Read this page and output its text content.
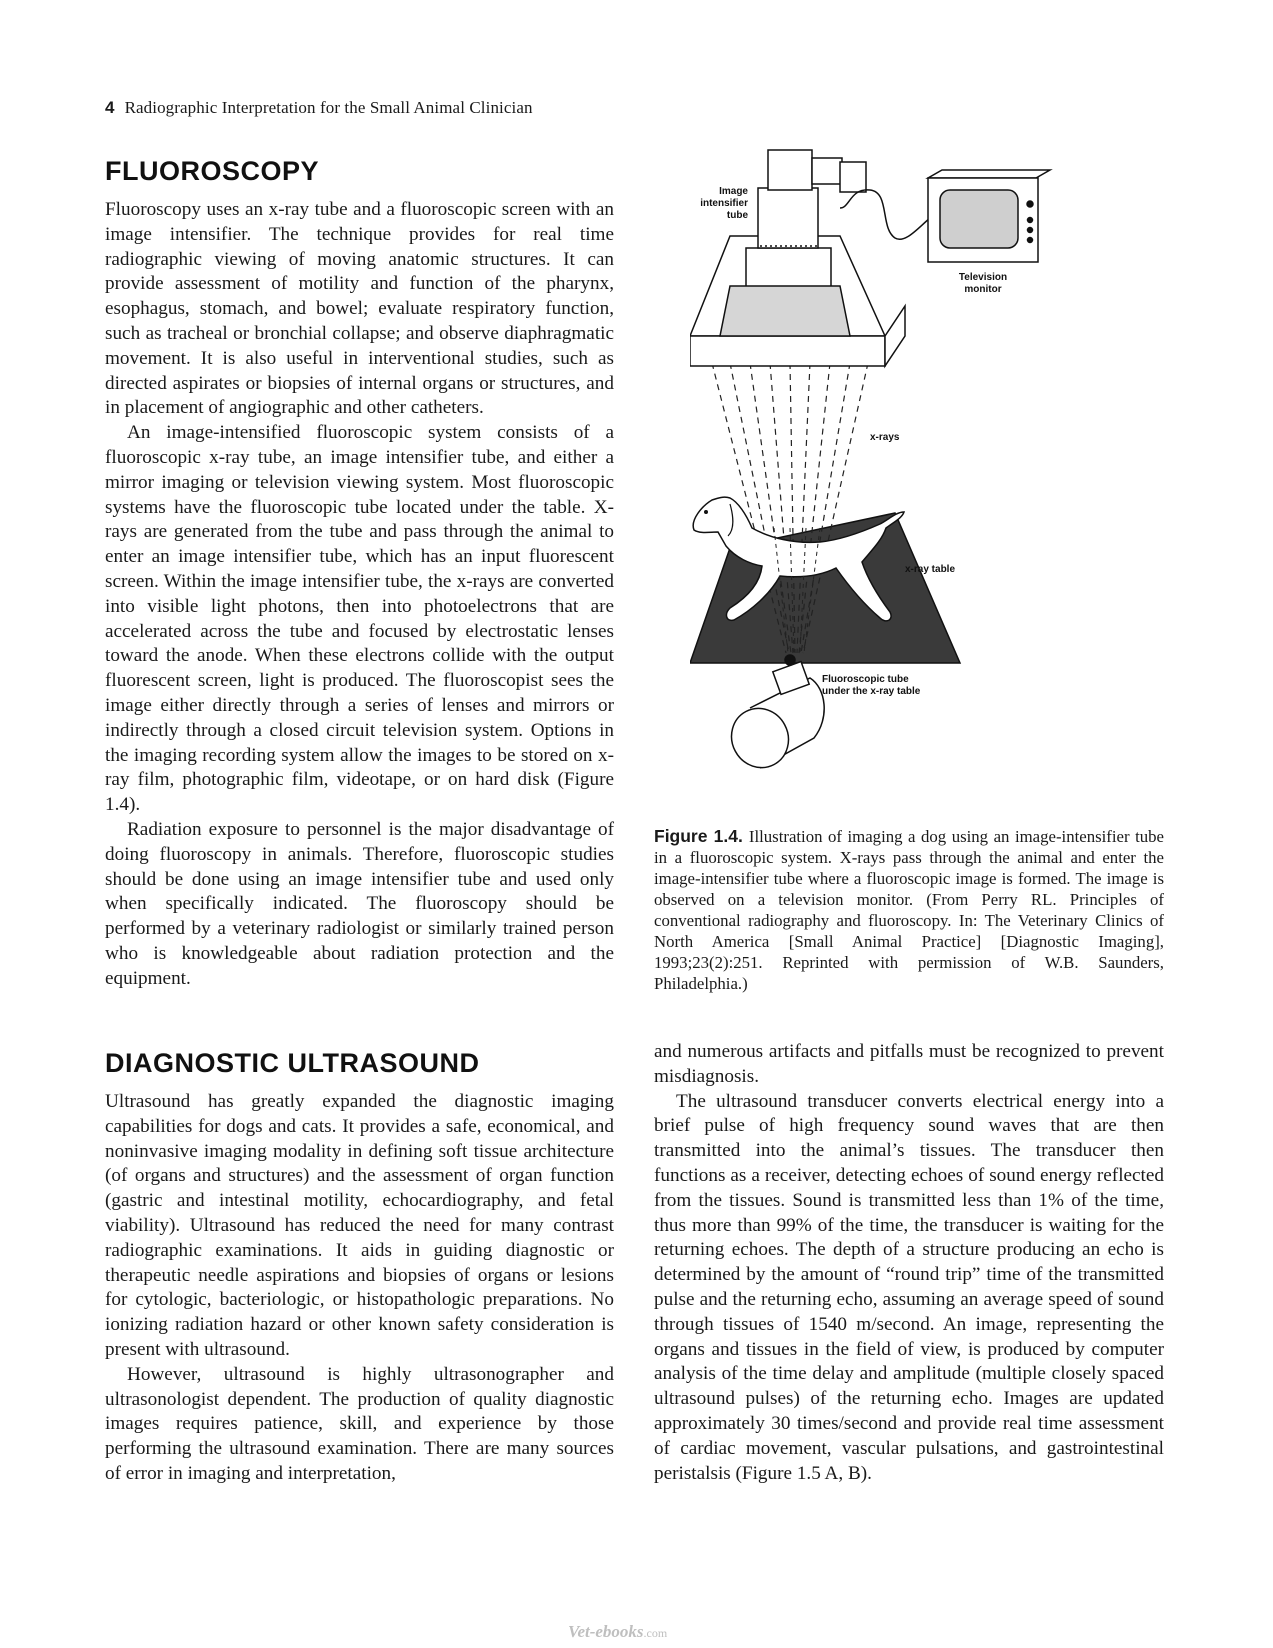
4 Radiographic Interpretation for the Small Animal Clinician
FLUOROSCOPY

Fluoroscopy uses an x-ray tube and a fluoroscopic screen with an image intensifier. The technique provides for real time radiographic viewing of moving anatomic structures. It can provide assessment of motility and function of the pharynx, esophagus, stomach, and bowel; evaluate respiratory function, such as tracheal or bronchial collapse; and observe diaphragmatic movement. It is also useful in interventional studies, such as directed aspirates or biopsies of internal organs or structures, and in placement of angiographic and other catheters.

An image-intensified fluoroscopic system consists of a fluoroscopic x-ray tube, an image intensifier tube, and either a mirror imaging or television viewing system. Most fluoroscopic systems have the fluoroscopic tube located under the table. X-rays are generated from the tube and pass through the animal to enter an image intensifier tube, which has an input fluorescent screen. Within the image intensifier tube, the x-rays are converted into visible light photons, then into photoelectrons that are accelerated across the tube and focused by electrostatic lenses toward the anode. When these electrons collide with the output fluorescent screen, light is produced. The fluoroscopist sees the image either directly through a series of lenses and mirrors or indirectly through a closed circuit television system. Options in the imaging recording system allow the images to be stored on x-ray film, photographic film, videotape, or on hard disk (Figure 1.4).

Radiation exposure to personnel is the major disadvantage of doing fluoroscopy in animals. Therefore, fluoroscopic studies should be done using an image intensifier tube and used only when specifically indicated. The fluoroscopy should be performed by a veterinary radiologist or similarly trained person who is knowledgeable about radiation protection and the equipment.

Image
intensifier
tube
Television
monitor
x-rays
x-ray table
Fluoroscopic tube
under the x-ray table
Figure 1.4. Illustration of imaging a dog using an image-intensifier tube in a fluoroscopic system. X-rays pass through the animal and enter the image-intensifier tube where a fluoroscopic image is formed. The image is observed on a television monitor. (From Perry RL. Principles of conventional radiography and fluoroscopy. In: The Veterinary Clinics of North America [Small Animal Practice] [Diagnostic Imaging], 1993;23(2):251. Reprinted with permission of W.B. Saunders, Philadelphia.)
DIAGNOSTIC ULTRASOUND

Ultrasound has greatly expanded the diagnostic imaging capabilities for dogs and cats. It provides a safe, economical, and noninvasive imaging modality in defining soft tissue architecture (of organs and structures) and the assessment of organ function (gastric and intestinal motility, echocardiography, and fetal viability). Ultrasound has reduced the need for many contrast radiographic examinations. It aids in guiding diagnostic or therapeutic needle aspirations and biopsies of organs or lesions for cytologic, bacteriologic, or histopathologic preparations. No ionizing radiation hazard or other known safety consideration is present with ultrasound.

However, ultrasound is highly ultrasonographer and ultrasonologist dependent. The production of quality diagnostic images requires patience, skill, and experience by those performing the ultrasound examination. There are many sources of error in imaging and interpretation,

and numerous artifacts and pitfalls must be recognized to prevent misdiagnosis.

The ultrasound transducer converts electrical energy into a brief pulse of high frequency sound waves that are then transmitted into the animal’s tissues. The transducer then functions as a receiver, detecting echoes of sound energy reflected from the tissues. Sound is transmitted less than 1% of the time, thus more than 99% of the time, the transducer is waiting for the returning echoes. The depth of a structure producing an echo is determined by the amount of “round trip” time of the transmitted pulse and the returning echo, assuming an average speed of sound through tissues of 1540 m/second. An image, representing the organs and tissues in the field of view, is produced by computer analysis of the time delay and amplitude (multiple closely spaced ultrasound pulses) of the returning echo. Images are updated approximately 30 times/second and provide real time assessment of cardiac movement, vascular pulsations, and gastrointestinal peristalsis (Figure 1.5 A, B).

Vet-ebooks.com
